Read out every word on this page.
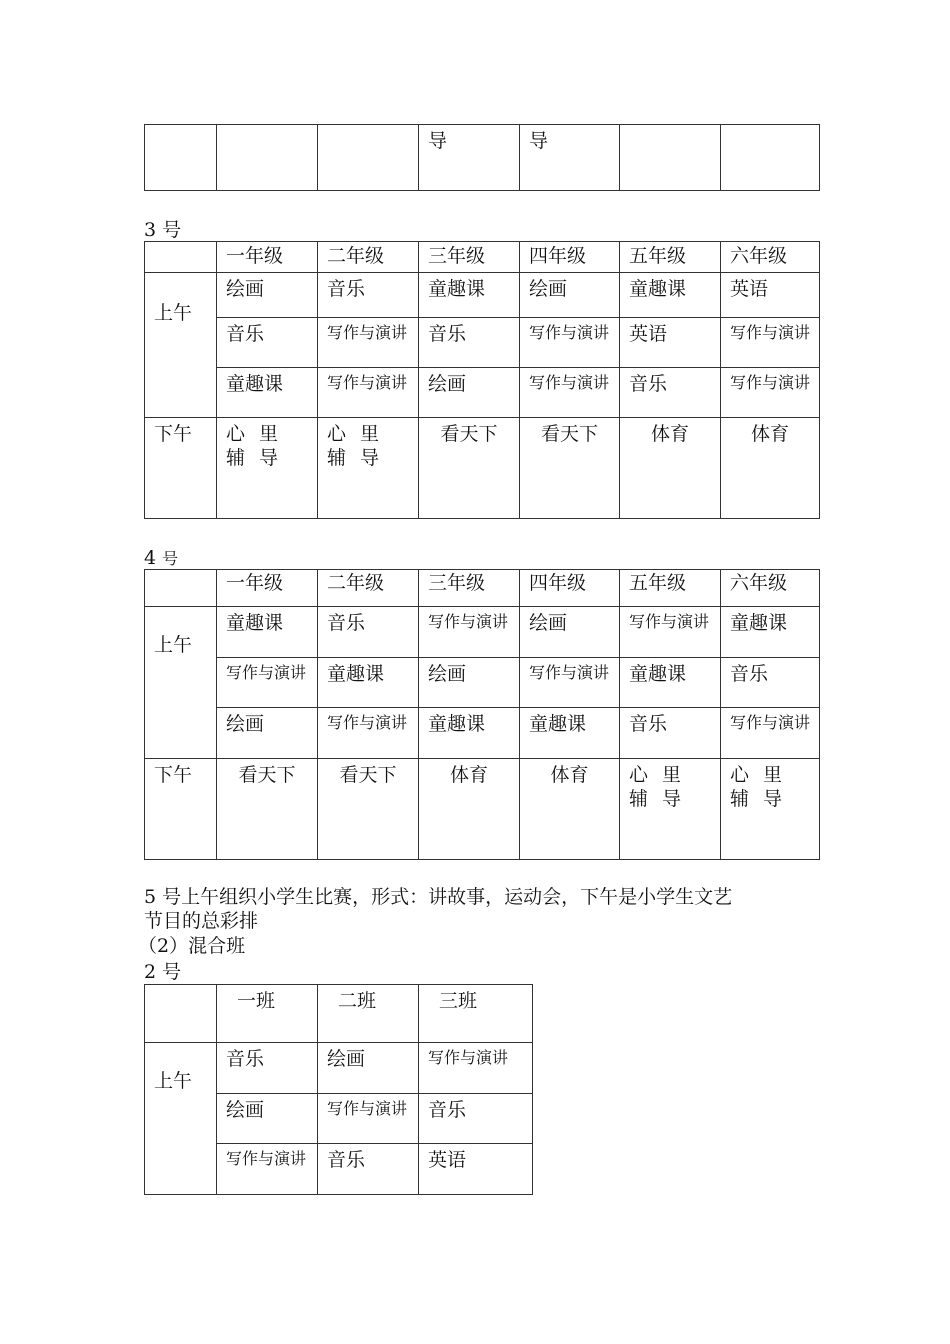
			导	导		

3 号

	一年级	二年级	三年级	四年级	五年级	六年级
上午	绘画	音乐	童趣课	绘画	童趣课	英语
	音乐	写作与演讲	音乐	写作与演讲	英语	写作与演讲
	童趣课	写作与演讲	绘画	写作与演讲	音乐	写作与演讲
下午	心里辅导	心里辅导	看天下	看天下	体育	体育

4 号

	一年级	二年级	三年级	四年级	五年级	六年级
上午	童趣课	音乐	写作与演讲	绘画	写作与演讲	童趣课
	写作与演讲	童趣课	绘画	写作与演讲	童趣课	音乐
	绘画	写作与演讲	童趣课	童趣课	音乐	写作与演讲
下午	看天下	看天下	体育	体育	心里辅导	心里辅导

5 号上午组织小学生比赛，形式：讲故事，运动会，下午是小学生文艺

节目的总彩排

（2）混合班

2 号

	一班	二班	三班
上午	音乐	绘画	写作与演讲
	绘画	写作与演讲	音乐
	写作与演讲	音乐	英语
